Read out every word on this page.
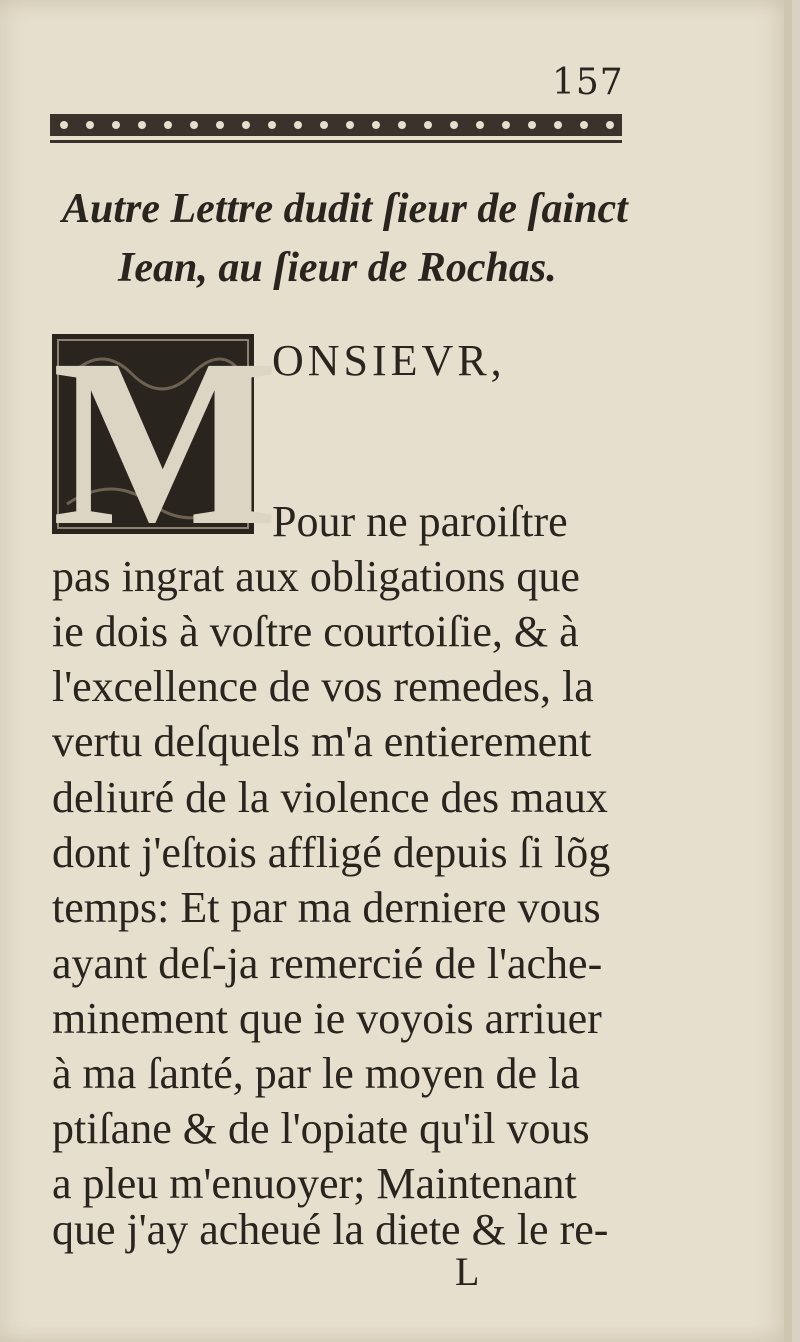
157
Autre Lettre dudit ſieur de ſainct
Iean, au ſieur de Rochas.
M
ONSIEVR,
Pour ne paroiſtre
pas ingrat aux obligations que
ie dois à voſtre courtoiſie, & à
l'excellence de vos remedes, la
vertu deſquels m'a entierement
deliuré de la violence des maux
dont j'eſtois affligé depuis ſi lõg
temps: Et par ma derniere vous
ayant deſ-ja remercié de l'ache-
minement que ie voyois arriuer
à ma ſanté, par le moyen de la
ptiſane & de l'opiate qu'il vous
a pleu m'enuoyer; Maintenant
que j'ay acheué la diete & le re-
L
